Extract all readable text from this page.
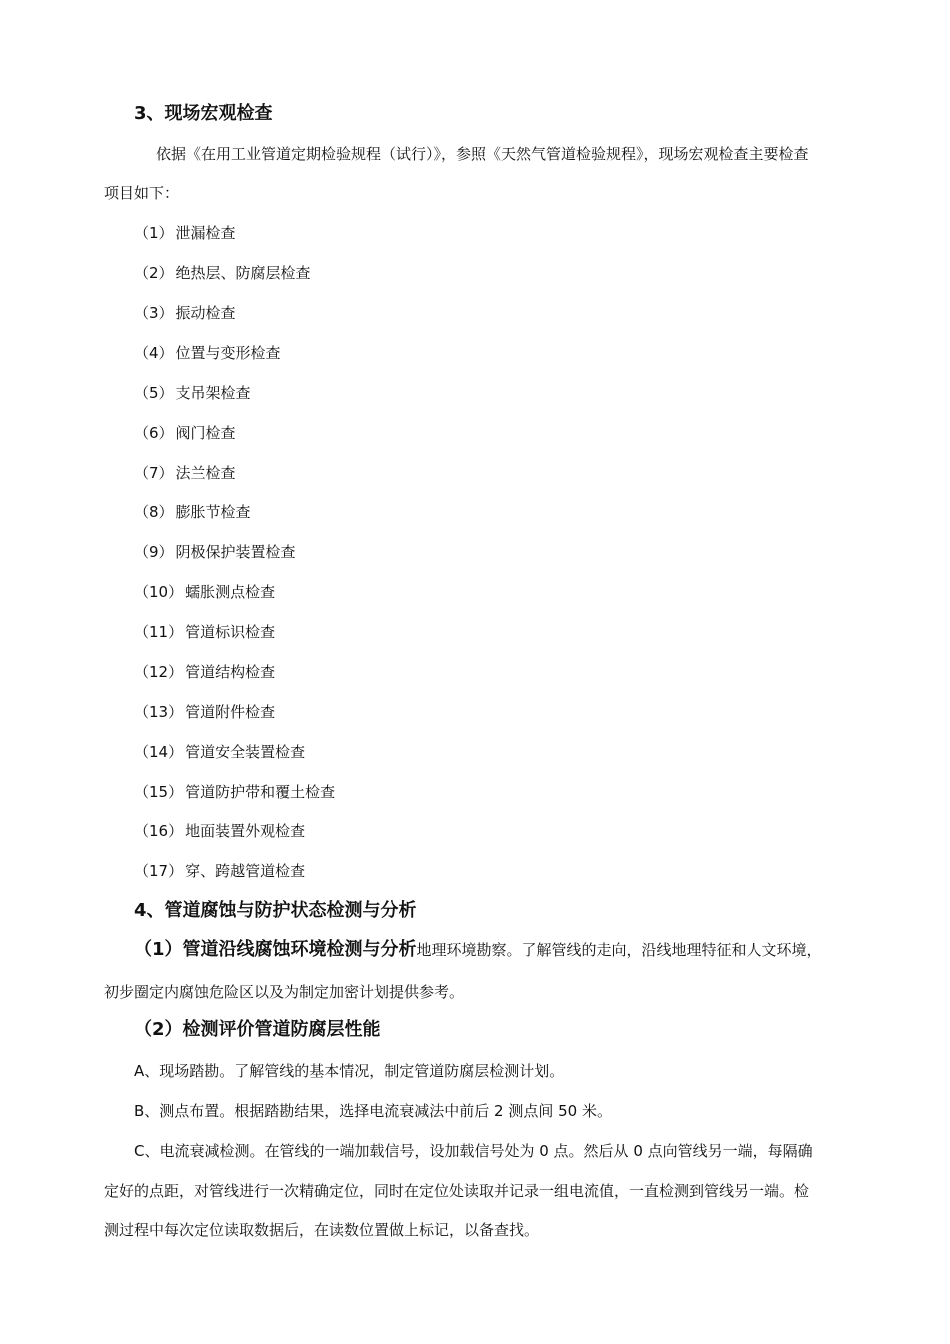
3、现场宏观检查
依据《在用工业管道定期检验规程（试行）》，参照《天然气管道检验规程》，现场宏观检查主要检查
项目如下：
（1） 泄漏检查
（2） 绝热层、防腐层检查
（3） 振动检查
（4） 位置与变形检查
（5） 支吊架检查
（6） 阀门检查
（7） 法兰检查
（8） 膨胀节检查
（9） 阴极保护装置检查
（10） 蠕胀测点检查
（11） 管道标识检查
（12） 管道结构检查
（13） 管道附件检查
（14） 管道安全装置检查
（15） 管道防护带和覆土检查
（16） 地面装置外观检查
（17） 穿、跨越管道检查
4、管道腐蚀与防护状态检测与分析
（1）管道沿线腐蚀环境检测与分析地理环境勘察。了解管线的走向，沿线地理特征和人文环境，
初步圈定内腐蚀危险区以及为制定加密计划提供参考。
（2）检测评价管道防腐层性能
A、现场踏勘。了解管线的基本情况，制定管道防腐层检测计划。
B、测点布置。根据踏勘结果，选择电流衰减法中前后 2 测点间 50 米。
C、电流衰减检测。在管线的一端加载信号，设加载信号处为 0 点。然后从 0 点向管线另一端，每隔确
定好的点距，对管线进行一次精确定位，同时在定位处读取并记录一组电流值，一直检测到管线另一端。检
测过程中每次定位读取数据后，在读数位置做上标记，以备查找。
